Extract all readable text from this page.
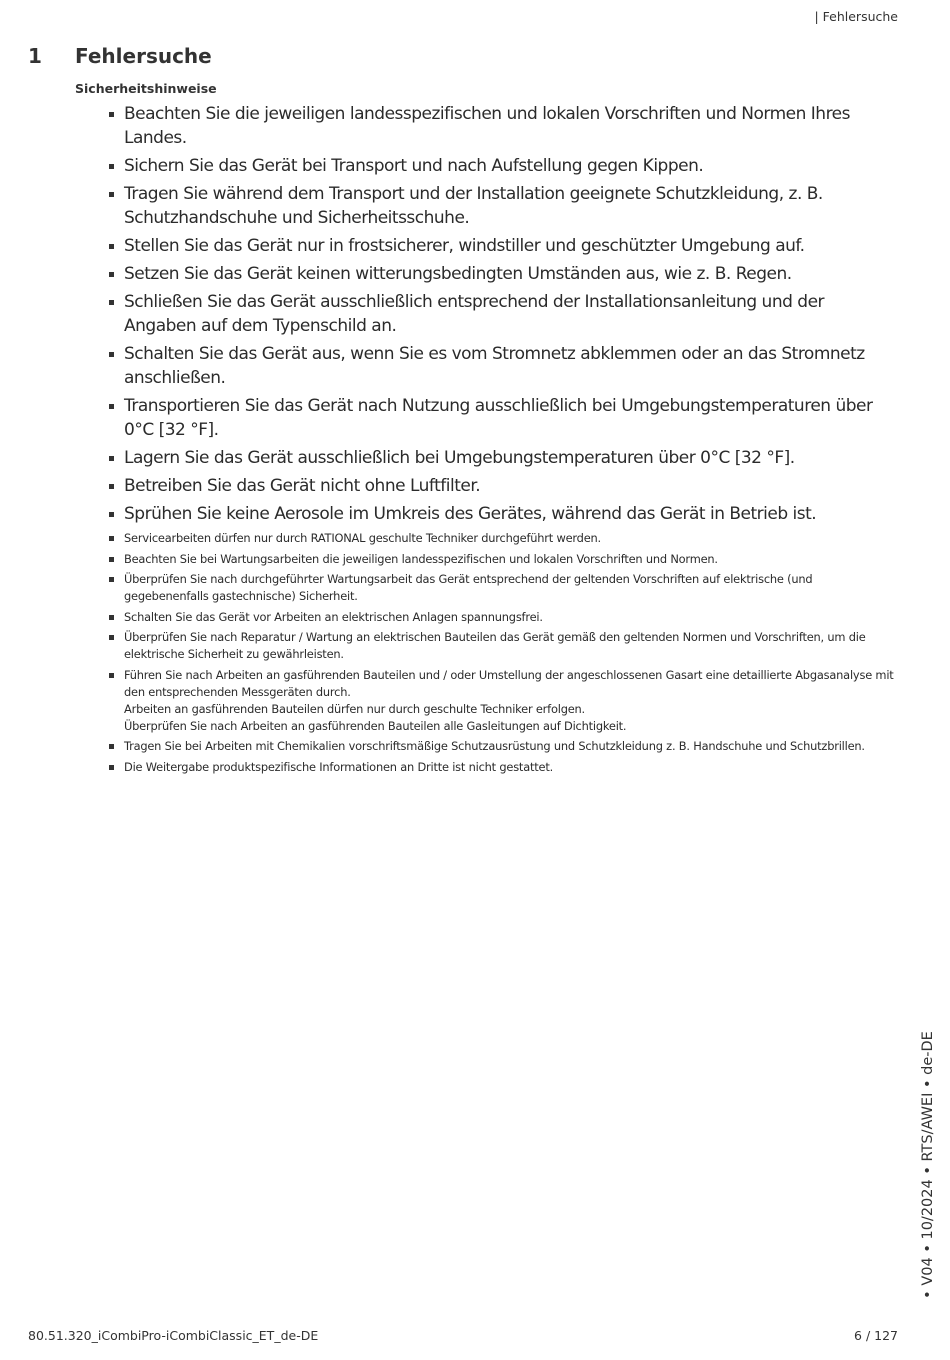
| Fehlersuche
1	Fehlersuche
Sicherheitshinweise
Beachten Sie die jeweiligen landesspezifischen und lokalen Vorschriften und Normen Ihres Landes.
Sichern Sie das Gerät bei Transport und nach Aufstellung gegen Kippen.
Tragen Sie während dem Transport und der Installation geeignete Schutzkleidung, z. B. Schutzhandschuhe und Sicherheitsschuhe.
Stellen Sie das Gerät nur in frostsicherer, windstiller und geschützter Umgebung auf.
Setzen Sie das Gerät keinen witterungsbedingten Umständen aus, wie z. B. Regen.
Schließen Sie das Gerät ausschließlich entsprechend der Installationsanleitung und der Angaben auf dem Typenschild an.
Schalten Sie das Gerät aus, wenn Sie es vom Stromnetz abklemmen oder an das Stromnetz anschließen.
Transportieren Sie das Gerät nach Nutzung ausschließlich bei Umgebungstemperaturen über 0°C [32 °F].
Lagern Sie das Gerät ausschließlich bei Umgebungstemperaturen über 0°C [32 °F].
Betreiben Sie das Gerät nicht ohne Luftfilter.
Sprühen Sie keine Aerosole im Umkreis des Gerätes, während das Gerät in Betrieb ist.
Servicearbeiten dürfen nur durch RATIONAL geschulte Techniker durchgeführt werden.
Beachten Sie bei Wartungsarbeiten die jeweiligen landesspezifischen und lokalen Vorschriften und Normen.
Überprüfen Sie nach durchgeführter Wartungsarbeit das Gerät entsprechend der geltenden Vorschriften auf elektrische (und gegebenenfalls gastechnische) Sicherheit.
Schalten Sie das Gerät vor Arbeiten an elektrischen Anlagen spannungsfrei.
Überprüfen Sie nach Reparatur / Wartung an elektrischen Bauteilen das Gerät gemäß den geltenden Normen und Vorschriften, um die elektrische Sicherheit zu gewährleisten.
Führen Sie nach Arbeiten an gasführenden Bauteilen und / oder Umstellung der angeschlossenen Gasart eine detaillierte Abgasanalyse mit den entsprechenden Messgeräten durch.
Arbeiten an gasführenden Bauteilen dürfen nur durch geschulte Techniker erfolgen.
Überprüfen Sie nach Arbeiten an gasführenden Bauteilen alle Gasleitungen auf Dichtigkeit.
Tragen Sie bei Arbeiten mit Chemikalien vorschriftsmäßige Schutzausrüstung und Schutzkleidung z. B. Handschuhe und Schutzbrillen.
Die Weitergabe produktspezifische Informationen an Dritte ist nicht gestattet.
• V04 • 10/2024 • RTS/AWEI • de-DE
80.51.320_iCombiPro-iCombiClassic_ET_de-DE	6 / 127
